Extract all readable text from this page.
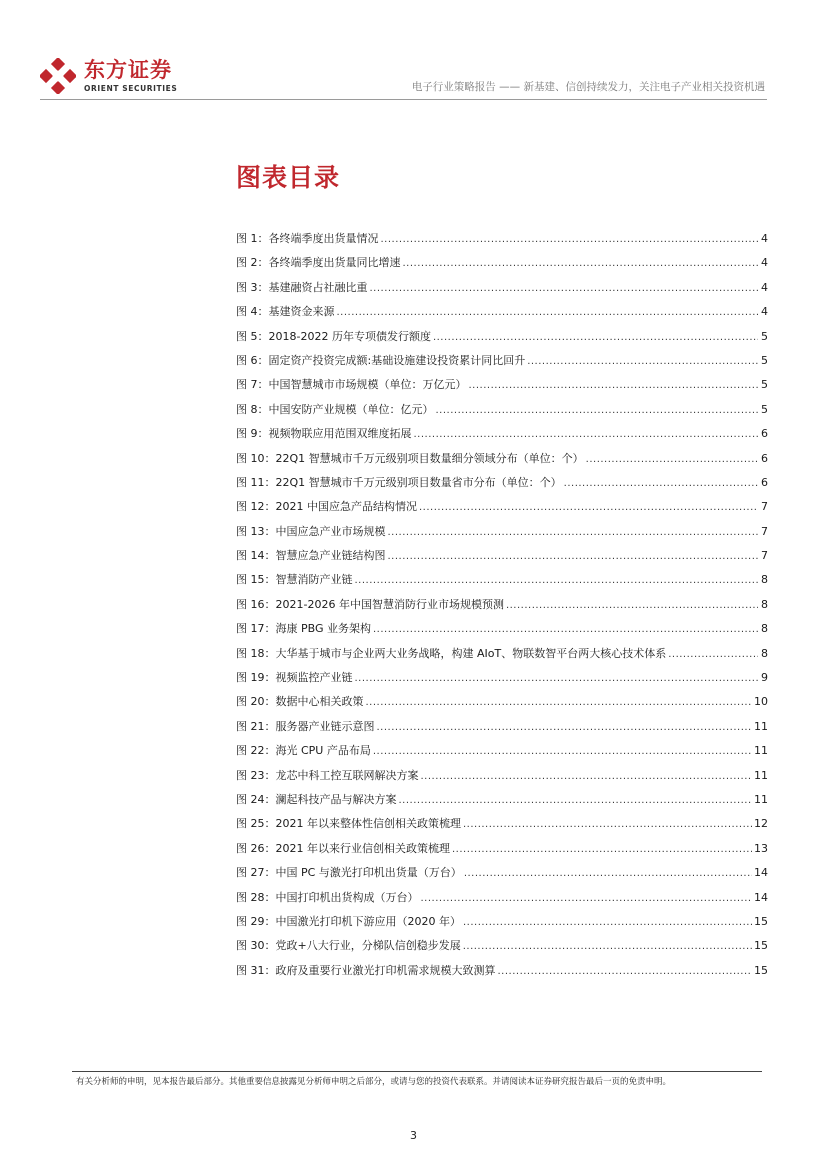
东方证券
ORIENT SECURITIES	电子行业策略报告 —— 新基建、信创持续发力，关注电子产业相关投资机遇
图表目录
图 1：各终端季度出货量情况 .....	4
图 2：各终端季度出货量同比增速 .....	4
图 3：基建融资占社融比重 .....	4
图 4：基建资金来源 .....	4
图 5：2018-2022 历年专项债发行额度 .....	5
图 6：固定资产投资完成额:基础设施建设投资累计同比回升 .....	5
图 7：中国智慧城市市场规模（单位：万亿元） .....	5
图 8：中国安防产业规模（单位：亿元） .....	5
图 9：视频物联应用范围双维度拓展 .....	6
图 10：22Q1 智慧城市千万元级别项目数量细分领域分布（单位：个） .....	6
图 11：22Q1 智慧城市千万元级别项目数量省市分布（单位：个） .....	6
图 12：2021 中国应急产品结构情况 .....	7
图 13：中国应急产业市场规模 .....	7
图 14：智慧应急产业链结构图 .....	7
图 15：智慧消防产业链 .....	8
图 16：2021-2026 年中国智慧消防行业市场规模预测 .....	8
图 17：海康 PBG 业务架构 .....	8
图 18：大华基于城市与企业两大业务战略，构建 AIoT、物联数智平台两大核心技术体系 .....	8
图 19：视频监控产业链 .....	9
图 20：数据中心相关政策 .....	10
图 21：服务器产业链示意图 .....	11
图 22：海光 CPU 产品布局 .....	11
图 23：龙芯中科工控互联网解决方案 .....	11
图 24：澜起科技产品与解决方案 .....	11
图 25：2021 年以来整体性信创相关政策梳理 .....	12
图 26：2021 年以来行业信创相关政策梳理 .....	13
图 27：中国 PC 与激光打印机出货量（万台） .....	14
图 28：中国打印机出货构成（万台） .....	14
图 29：中国激光打印机下游应用（2020 年） .....	15
图 30：党政+八大行业，分梯队信创稳步发展 .....	15
图 31：政府及重要行业激光打印机需求规模大致测算 .....	15
有关分析师的申明，见本报告最后部分。其他重要信息披露见分析师申明之后部分，或请与您的投资代表联系。并请阅读本证券研究报告最后一页的免责申明。
3
